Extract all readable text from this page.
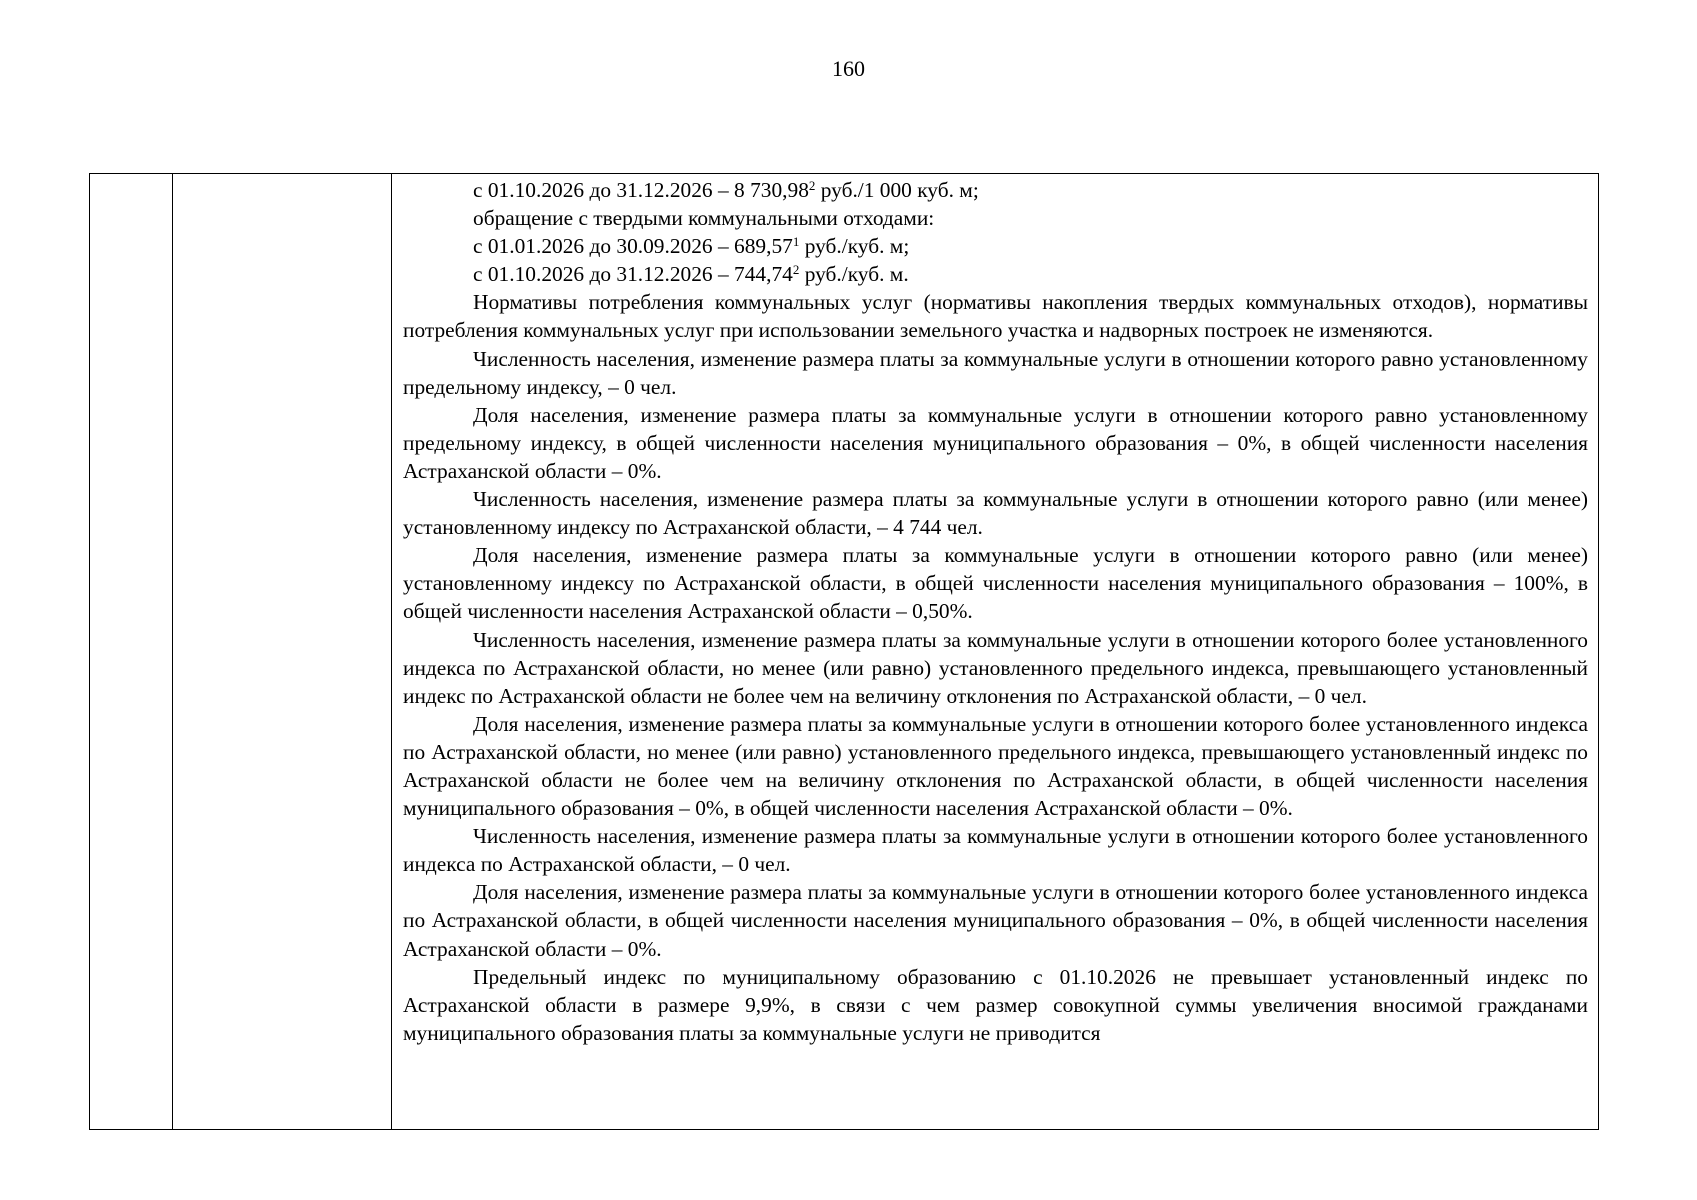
160

с 01.10.2026 до 31.12.2026 – 8 730,98$^2$ руб./1 000 куб. м;

обращение с твердыми коммунальными отходами:

с 01.01.2026 до 30.09.2026 – 689,57$^1$ руб./куб. м;

с 01.10.2026 до 31.12.2026 – 744,74$^2$ руб./куб. м.

Нормативы потребления коммунальных услуг (нормативы накопления твердых коммунальных отходов), нормативы потребления коммунальных услуг при использовании земельного участка и надворных построек не изменяются.

Численность населения, изменение размера платы за коммунальные услуги в отношении которого равно установленному предельному индексу, – 0 чел.

Доля населения, изменение размера платы за коммунальные услуги в отношении которого равно установленному предельному индексу, в общей численности населения муниципального образования – 0%, в общей численности населения Астраханской области – 0%.

Численность населения, изменение размера платы за коммунальные услуги в отношении которого равно (или менее) установленному индексу по Астраханской области, – 4 744 чел.

Доля населения, изменение размера платы за коммунальные услуги в отношении которого равно (или менее) установленному индексу по Астраханской области, в общей численности населения муниципального образования – 100%, в общей численности населения Астраханской области – 0,50%.

Численность населения, изменение размера платы за коммунальные услуги в отношении которого более установленного индекса по Астраханской области, но менее (или равно) установленного предельного индекса, превышающего установленный индекс по Астраханской области не более чем на величину отклонения по Астраханской области, – 0 чел.

Доля населения, изменение размера платы за коммунальные услуги в отношении которого более установленного индекса по Астраханской области, но менее (или равно) установленного предельного индекса, превышающего установленный индекс по Астраханской области не более чем на величину отклонения по Астраханской области, в общей численности населения муниципального образования – 0%, в общей численности населения Астраханской области – 0%.

Численность населения, изменение размера платы за коммунальные услуги в отношении которого более установленного индекса по Астраханской области, – 0 чел.

Доля населения, изменение размера платы за коммунальные услуги в отношении которого более установленного индекса по Астраханской области, в общей численности населения муниципального образования – 0%, в общей численности населения Астраханской области – 0%.

Предельный индекс по муниципальному образованию с 01.10.2026 не превышает установленный индекс по Астраханской области в размере 9,9%, в связи с чем размер совокупной суммы увеличения вносимой гражданами муниципального образования платы за коммунальные услуги не приводится
